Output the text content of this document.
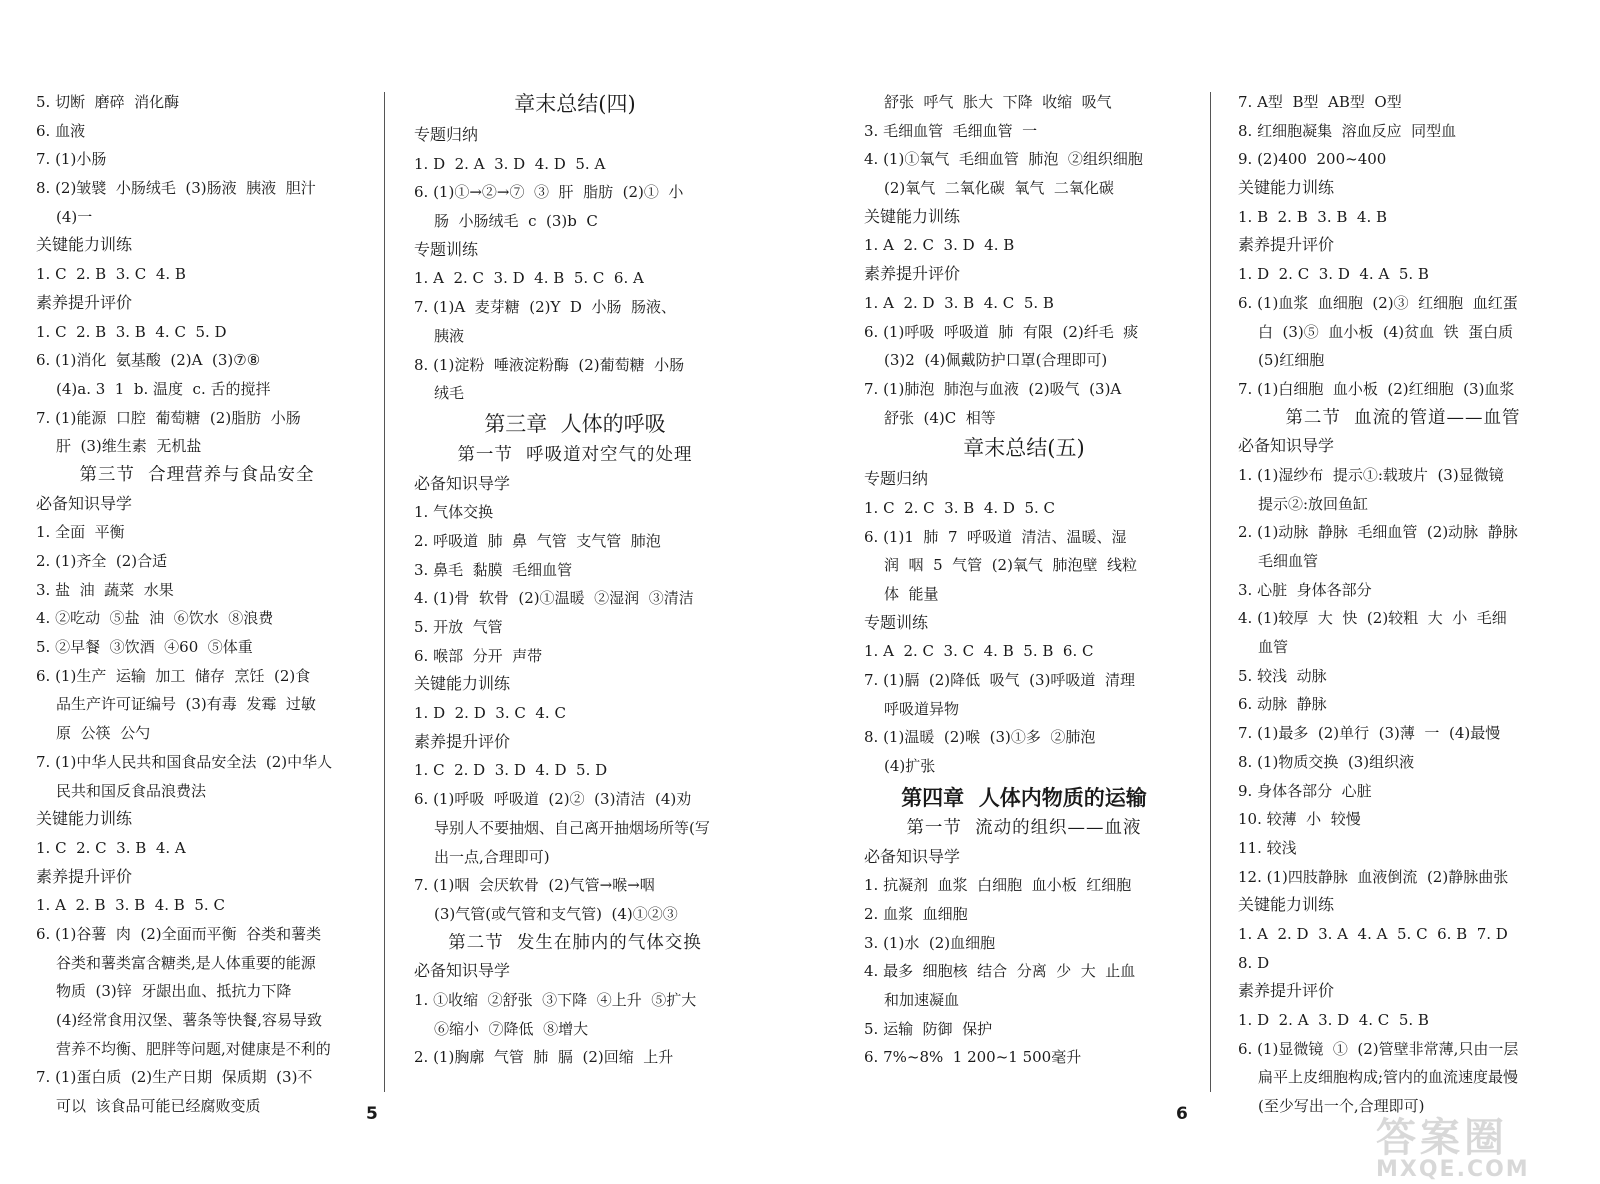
5. 切断  磨碎  消化酶
6. 血液
7. (1)小肠
8. (2)皱襞  小肠绒毛  (3)肠液  胰液  胆汁
(4)一
关键能力训练
1. C  2. B  3. C  4. B
素养提升评价
1. C  2. B  3. B  4. C  5. D
6. (1)消化  氨基酸  (2)A  (3)⑦⑧
(4)a. 3  1  b. 温度  c. 舌的搅拌
7. (1)能源  口腔  葡萄糖  (2)脂肪  小肠
肝  (3)维生素  无机盐
第三节  合理营养与食品安全
必备知识导学
1. 全面  平衡
2. (1)齐全  (2)合适
3. 盐  油  蔬菜  水果
4. ②吃动  ⑤盐  油  ⑥饮水  ⑧浪费
5. ②早餐  ③饮酒  ④60  ⑤体重
6. (1)生产  运输  加工  储存  烹饪  (2)食
品生产许可证编号  (3)有毒  发霉  过敏
原  公筷  公勺
7. (1)中华人民共和国食品安全法  (2)中华人
民共和国反食品浪费法
关键能力训练
1. C  2. C  3. B  4. A
素养提升评价
1. A  2. B  3. B  4. B  5. C
6. (1)谷薯  肉  (2)全面而平衡  谷类和薯类
谷类和薯类富含糖类,是人体重要的能源
物质  (3)锌  牙龈出血、抵抗力下降
(4)经常食用汉堡、薯条等快餐,容易导致
营养不均衡、肥胖等问题,对健康是不利的
7. (1)蛋白质  (2)生产日期  保质期  (3)不
可以  该食品可能已经腐败变质
章末总结(四)
专题归纳
1. D  2. A  3. D  4. D  5. A
6. (1)①→②→⑦  ③  肝  脂肪  (2)①  小
肠  小肠绒毛  c  (3)b  C
专题训练
1. A  2. C  3. D  4. B  5. C  6. A
7. (1)A  麦芽糖  (2)Y  D  小肠  肠液、
胰液
8. (1)淀粉  唾液淀粉酶  (2)葡萄糖  小肠
绒毛
第三章  人体的呼吸
第一节  呼吸道对空气的处理
必备知识导学
1. 气体交换
2. 呼吸道  肺  鼻  气管  支气管  肺泡
3. 鼻毛  黏膜  毛细血管
4. (1)骨  软骨  (2)①温暖  ②湿润  ③清洁
5. 开放  气管
6. 喉部  分开  声带
关键能力训练
1. D  2. D  3. C  4. C
素养提升评价
1. C  2. D  3. D  4. D  5. D
6. (1)呼吸  呼吸道  (2)②  (3)清洁  (4)劝
导别人不要抽烟、自己离开抽烟场所等(写
出一点,合理即可)
7. (1)咽  会厌软骨  (2)气管→喉→咽
(3)气管(或气管和支气管)  (4)①②③
第二节  发生在肺内的气体交换
必备知识导学
1. ①收缩  ②舒张  ③下降  ④上升  ⑤扩大
⑥缩小  ⑦降低  ⑧增大
2. (1)胸廓  气管  肺  膈  (2)回缩  上升
舒张  呼气  胀大  下降  收缩  吸气
3. 毛细血管  毛细血管  一
4. (1)①氧气  毛细血管  肺泡  ②组织细胞
(2)氧气  二氧化碳  氧气  二氧化碳
关键能力训练
1. A  2. C  3. D  4. B
素养提升评价
1. A  2. D  3. B  4. C  5. B
6. (1)呼吸  呼吸道  肺  有限  (2)纤毛  痰
(3)2  (4)佩戴防护口罩(合理即可)
7. (1)肺泡  肺泡与血液  (2)吸气  (3)A
舒张  (4)C  相等
章末总结(五)
专题归纳
1. C  2. C  3. B  4. D  5. C
6. (1)1  肺  7  呼吸道  清洁、温暖、湿
润  咽  5  气管  (2)氧气  肺泡壁  线粒
体  能量
专题训练
1. A  2. C  3. C  4. B  5. B  6. C
7. (1)膈  (2)降低  吸气  (3)呼吸道  清理
呼吸道异物
8. (1)温暖  (2)喉  (3)①多  ②肺泡
(4)扩张
第四章  人体内物质的运输
第一节  流动的组织——血液
必备知识导学
1. 抗凝剂  血浆  白细胞  血小板  红细胞
2. 血浆  血细胞
3. (1)水  (2)血细胞
4. 最多  细胞核  结合  分离  少  大  止血
和加速凝血
5. 运输  防御  保护
6. 7%~8%  1 200~1 500毫升
7. A型  B型  AB型  O型
8. 红细胞凝集  溶血反应  同型血
9. (2)400  200~400
关键能力训练
1. B  2. B  3. B  4. B
素养提升评价
1. D  2. C  3. D  4. A  5. B
6. (1)血浆  血细胞  (2)③  红细胞  血红蛋
白  (3)⑤  血小板  (4)贫血  铁  蛋白质
(5)红细胞
7. (1)白细胞  血小板  (2)红细胞  (3)血浆
第二节  血流的管道——血管
必备知识导学
1. (1)湿纱布  提示①:载玻片  (3)显微镜
提示②:放回鱼缸
2. (1)动脉  静脉  毛细血管  (2)动脉  静脉
毛细血管
3. 心脏  身体各部分
4. (1)较厚  大  快  (2)较粗  大  小  毛细
血管
5. 较浅  动脉
6. 动脉  静脉
7. (1)最多  (2)单行  (3)薄  一  (4)最慢
8. (1)物质交换  (3)组织液
9. 身体各部分  心脏
10. 较薄  小  较慢
11. 较浅
12. (1)四肢静脉  血液倒流  (2)静脉曲张
关键能力训练
1. A  2. D  3. A  4. A  5. C  6. B  7. D
8. D
素养提升评价
1. D  2. A  3. D  4. C  5. B
6. (1)显微镜  ①  (2)管壁非常薄,只由一层
扁平上皮细胞构成;管内的血流速度最慢
(至少写出一个,合理即可)
5	6
答案圈
MXQE.COM
